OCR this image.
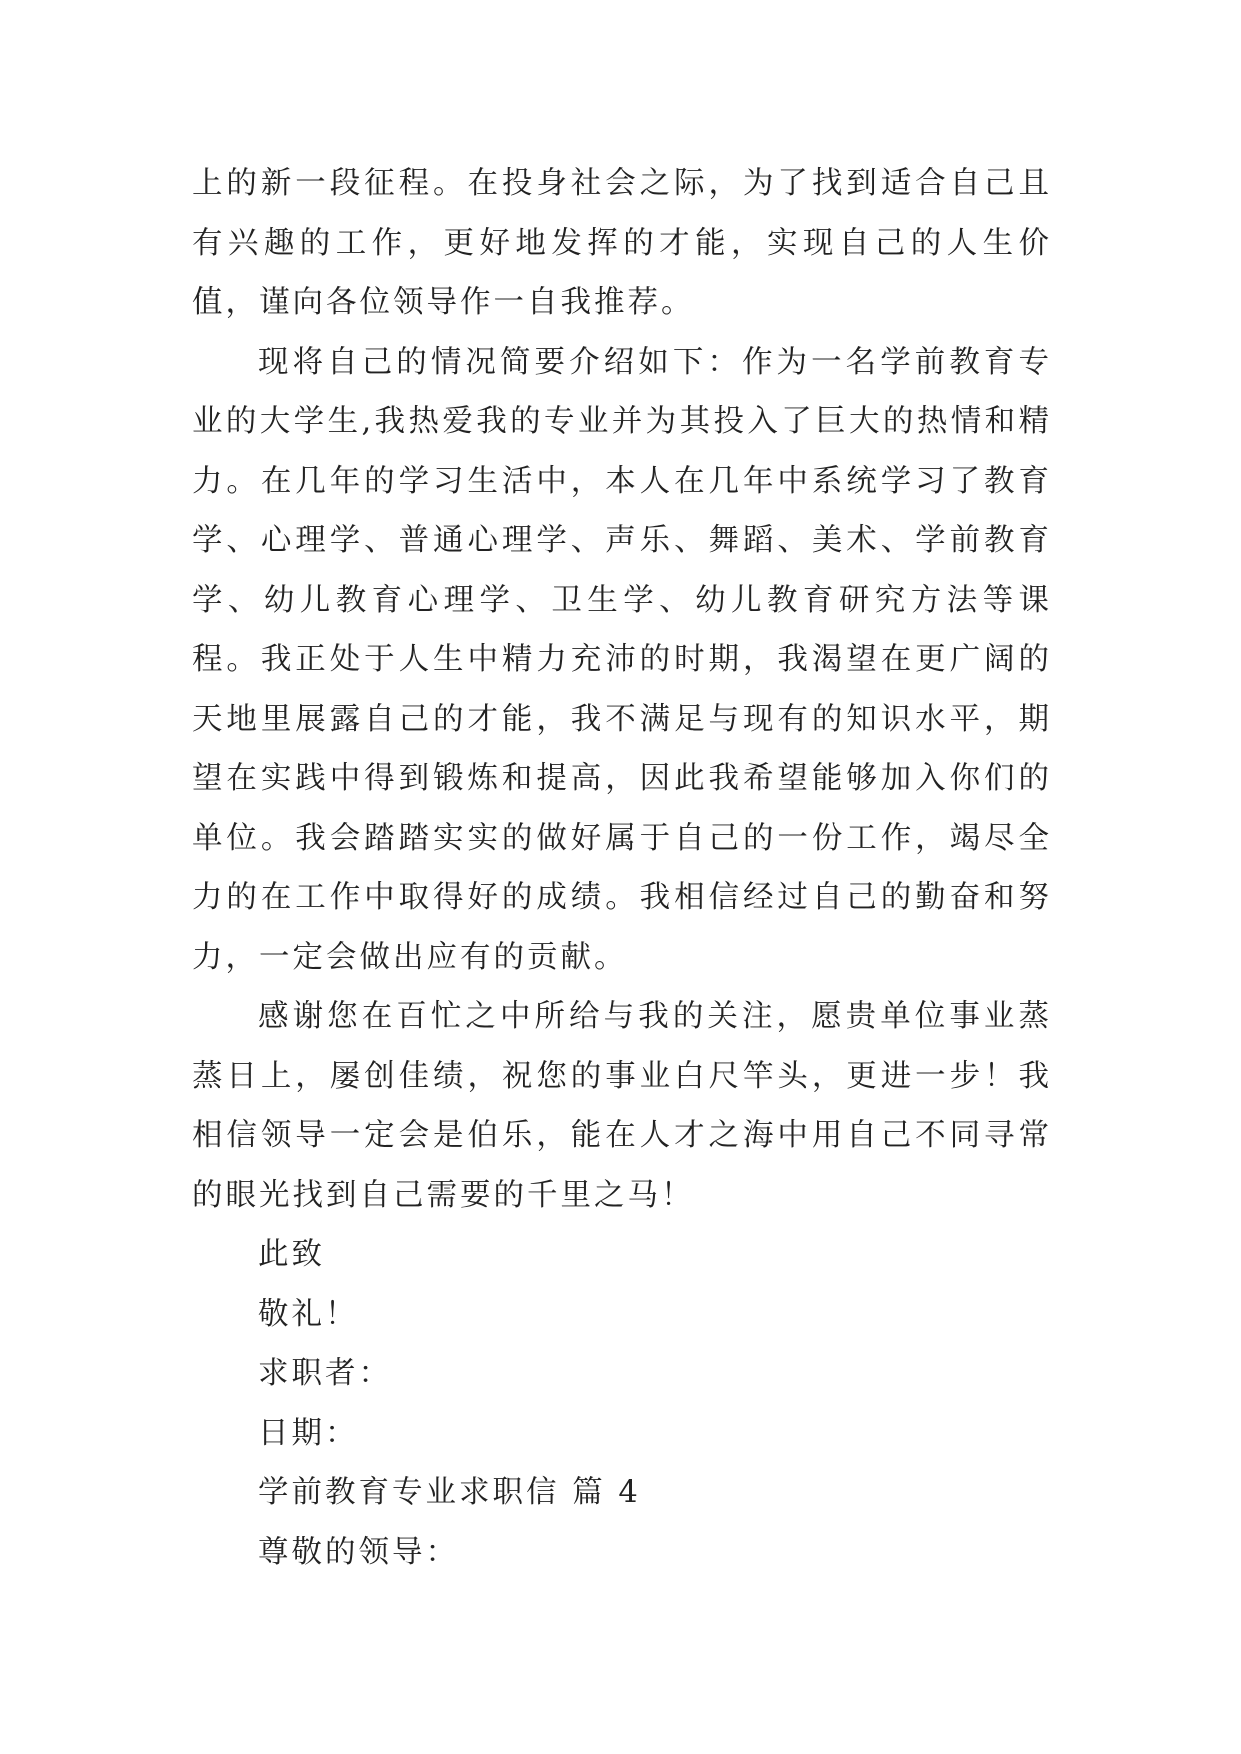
上的新一段征程。在投身社会之际，为了找到适合自己且有兴趣的工作，更好地发挥的才能，实现自己的人生价值，谨向各位领导作一自我推荐。

现将自己的情况简要介绍如下：作为一名学前教育专业的大学生,我热爱我的专业并为其投入了巨大的热情和精力。在几年的学习生活中，本人在几年中系统学习了教育学、心理学、普通心理学、声乐、舞蹈、美术、学前教育学、幼儿教育心理学、卫生学、幼儿教育研究方法等课程。我正处于人生中精力充沛的时期，我渴望在更广阔的天地里展露自己的才能，我不满足与现有的知识水平，期望在实践中得到锻炼和提高，因此我希望能够加入你们的单位。我会踏踏实实的做好属于自己的一份工作，竭尽全力的在工作中取得好的成绩。我相信经过自己的勤奋和努力，一定会做出应有的贡献。

感谢您在百忙之中所给与我的关注，愿贵单位事业蒸蒸日上，屡创佳绩，祝您的事业白尺竿头，更进一步！我相信领导一定会是伯乐，能在人才之海中用自己不同寻常的眼光找到自己需要的千里之马！

此致

敬礼！

求职者：

日期：

学前教育专业求职信 篇 4

尊敬的领导：
